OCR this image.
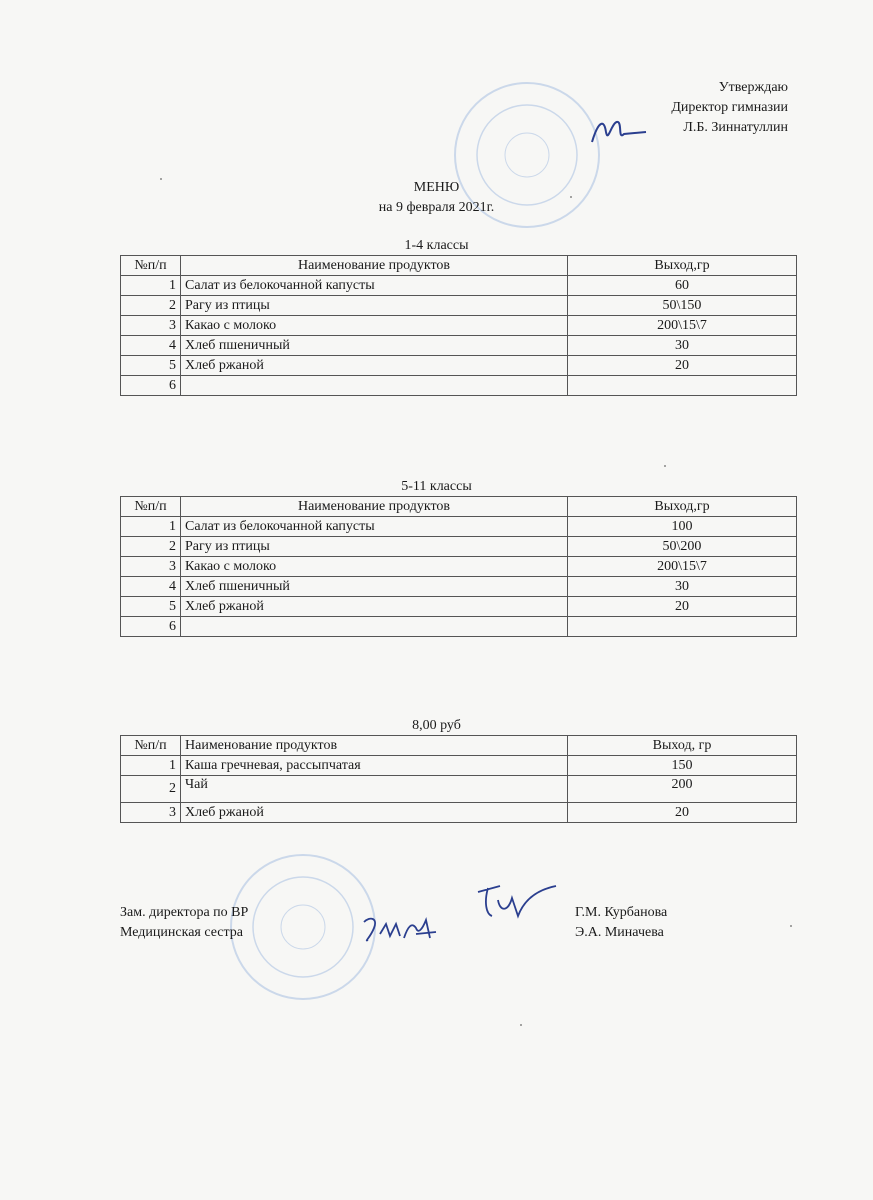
Утверждаю
Директор гимназии
Л.Б. Зиннатуллин
МЕНЮ
на 9 февраля 2021г.
1-4 классы
№п/п	Наименование продуктов	Выход,гр
1	Салат из белокочанной капусты	60
2	Рагу из птицы	50\150
3	Какао с молоко	200\15\7
4	Хлеб пшеничный	30
5	Хлеб ржаной	20
6		
5-11 классы
№п/п	Наименование продуктов	Выход,гр
1	Салат из белокочанной капусты	100
2	Рагу из птицы	50\200
3	Какао с молоко	200\15\7
4	Хлеб пшеничный	30
5	Хлеб ржаной	20
6		
8,00 руб
№п/п	Наименование продуктов	Выход, гр
1	Каша гречневая, рассыпчатая	150
2	Чай	200
3	Хлеб ржаной	20
Зам. директора по ВР
Медицинская сестра
Г.М. Курбанова
Э.А. Миначева
